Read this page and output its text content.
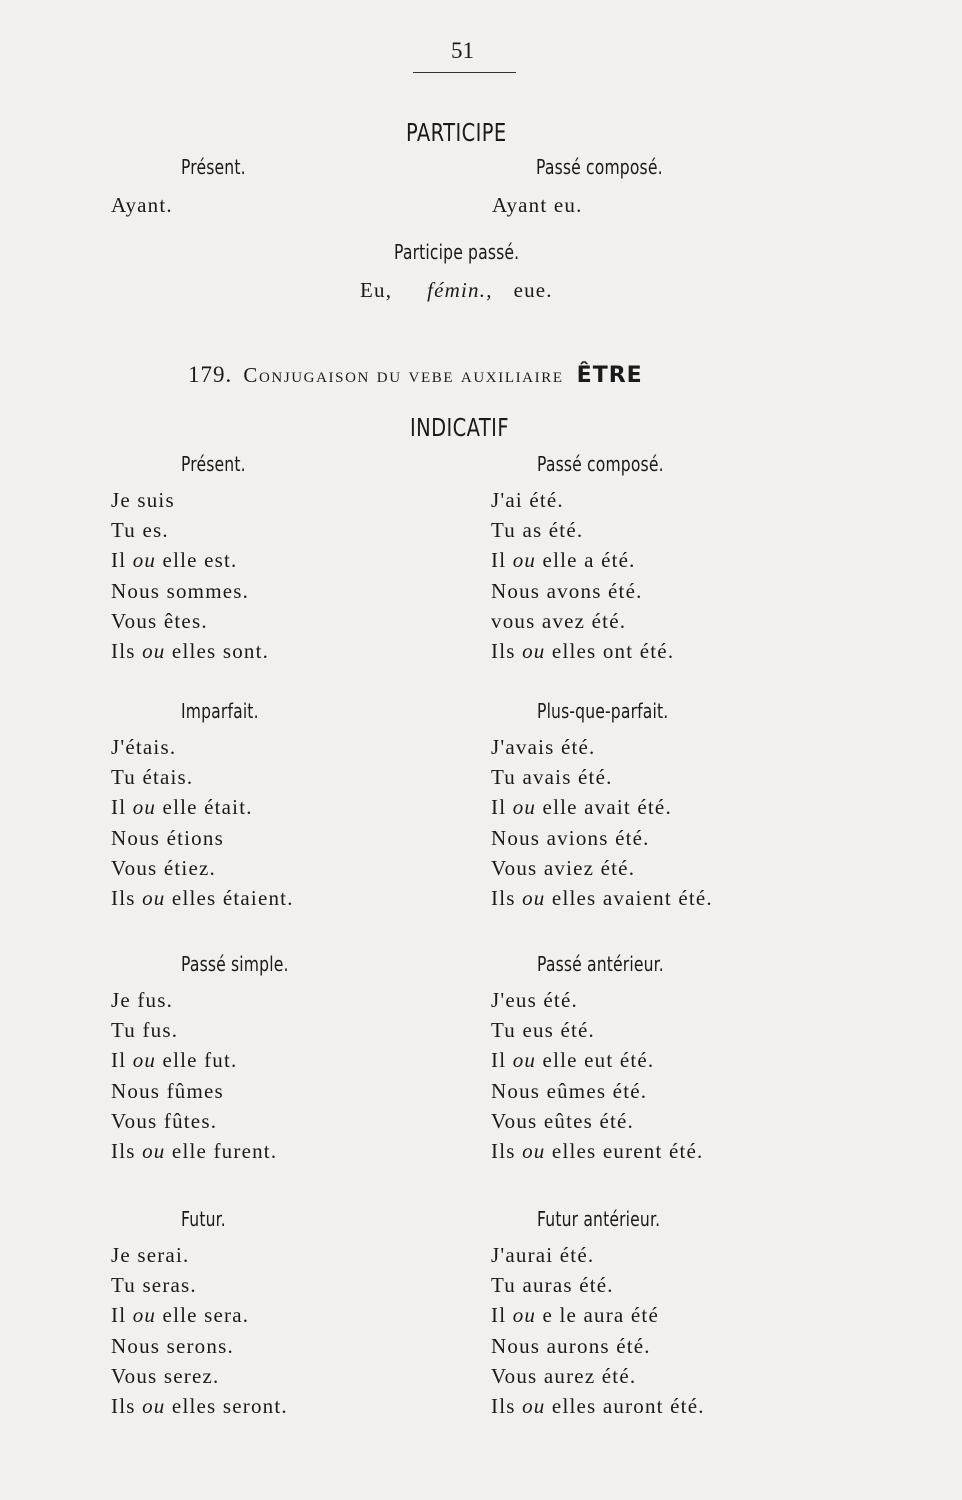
51
PARTICIPE
Présent.	Passé composé.
Ayant.	Ayant eu.
Participe passé.
Eu, fémin., eue.
179. Conjugaison du vebe auxiliaire ÊTRE
INDICATIF
Présent.
Je suis
Tu es.
Il ou elle est.
Nous sommes.
Vous êtes.
Ils ou elles sont.
Passé composé.
J'ai été.
Tu as été.
Il ou elle a été.
Nous avons été.
vous avez été.
Ils ou elles ont été.
Imparfait.
J'étais.
Tu étais.
Il ou elle était.
Nous étions
Vous étiez.
Ils ou elles étaient.
Plus-que-parfait.
J'avais été.
Tu avais été.
Il ou elle avait été.
Nous avions été.
Vous aviez été.
Ils ou elles avaient été.
Passé simple.
Je fus.
Tu fus.
Il ou elle fut.
Nous fûmes
Vous fûtes.
Ils ou elle furent.
Passé antérieur.
J'eus été.
Tu eus été.
Il ou elle eut été.
Nous eûmes été.
Vous eûtes été.
Ils ou elles eurent été.
Futur.
Je serai.
Tu seras.
Il ou elle sera.
Nous serons.
Vous serez.
Ils ou elles seront.
Futur antérieur.
J'aurai été.
Tu auras été.
Il ou e le aura été
Nous aurons été.
Vous aurez été.
Ils ou elles auront été.
